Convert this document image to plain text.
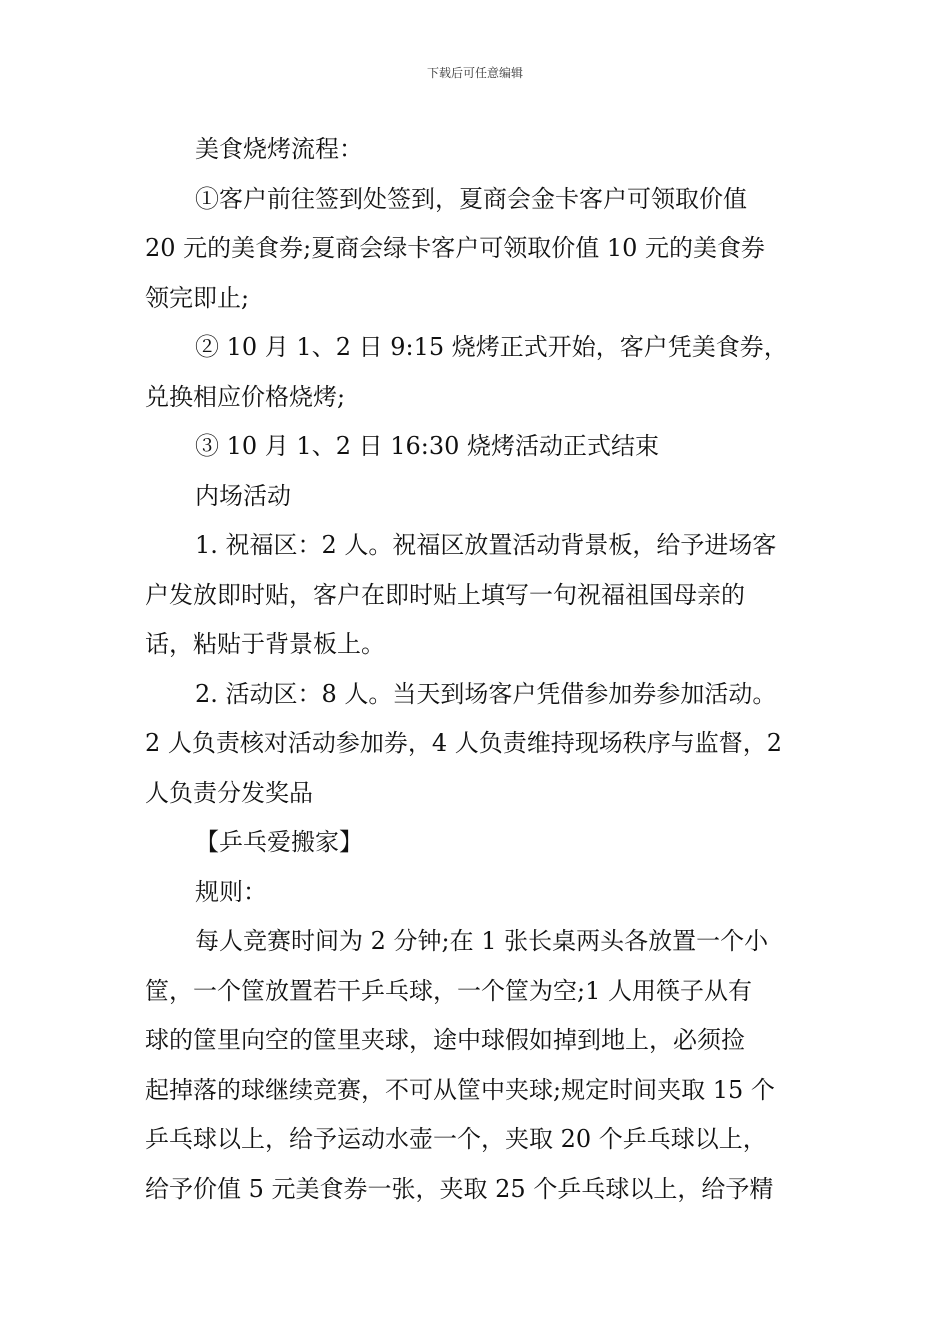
下载后可任意编辑

美食烧烤流程：

①客户前往签到处签到，夏商会金卡客户可领取价值

20 元的美食券;夏商会绿卡客户可领取价值 10 元的美食券

领完即止;

② 10 月 1、2 日 9:15 烧烤正式开始，客户凭美食券，

兑换相应价格烧烤;

③ 10 月 1、2 日 16:30 烧烤活动正式结束

内场活动

1. 祝福区：2 人。祝福区放置活动背景板，给予进场客

户发放即时贴，客户在即时贴上填写一句祝福祖国母亲的

话，粘贴于背景板上。

2. 活动区：8 人。当天到场客户凭借参加券参加活动。

2 人负责核对活动参加券，4 人负责维持现场秩序与监督，2

人负责分发奖品

【乒乓爱搬家】

规则：

每人竞赛时间为 2 分钟;在 1 张长桌两头各放置一个小

筐，一个筐放置若干乒乓球，一个筐为空;1 人用筷子从有

球的筐里向空的筐里夹球，途中球假如掉到地上，必须捡

起掉落的球继续竞赛，不可从筐中夹球;规定时间夹取 15 个

乒乓球以上，给予运动水壶一个，夹取 20 个乒乓球以上，

给予价值 5 元美食券一张，夹取 25 个乒乓球以上，给予精
